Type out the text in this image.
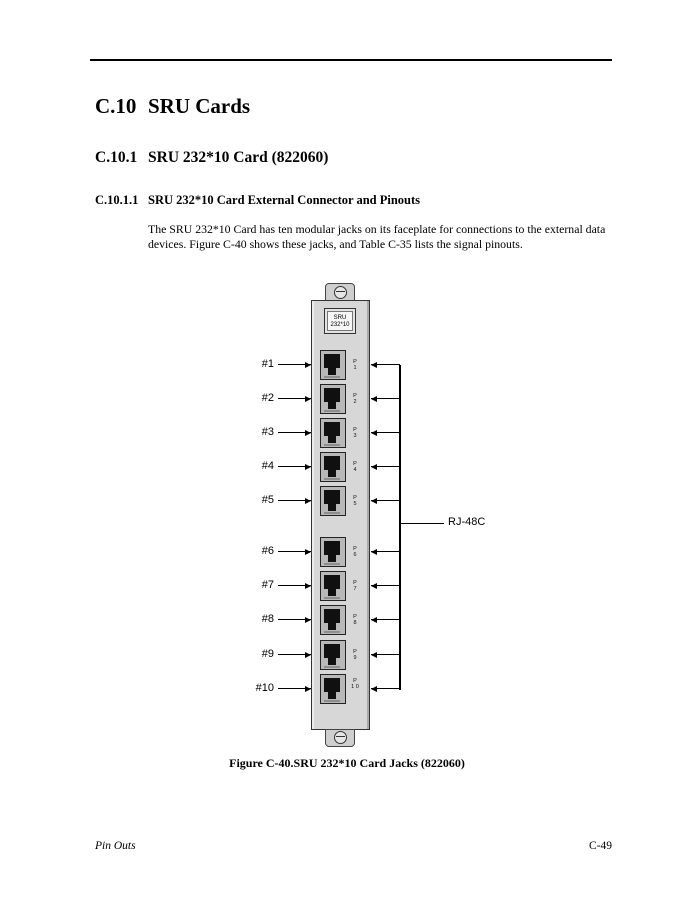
C.10 SRU Cards
C.10.1 SRU 232*10 Card (822060)
C.10.1.1 SRU 232*10 Card External Connector and Pinouts
The SRU 232*10 Card has ten modular jacks on its faceplate for connections to the external data devices. Figure C-40 shows these jacks, and Table C-35 lists the signal pinouts.
SRU
232*10
#1	P
1
#2	P
2
#3	P
3
#4	P
4
#5	P
5
#6	P
6
#7	P
7
#8	P
8
#9	P
9
#10
P
1 0
RJ-48C
Figure C-40.SRU 232*10 Card Jacks (822060)
Pin Outs	C-49
